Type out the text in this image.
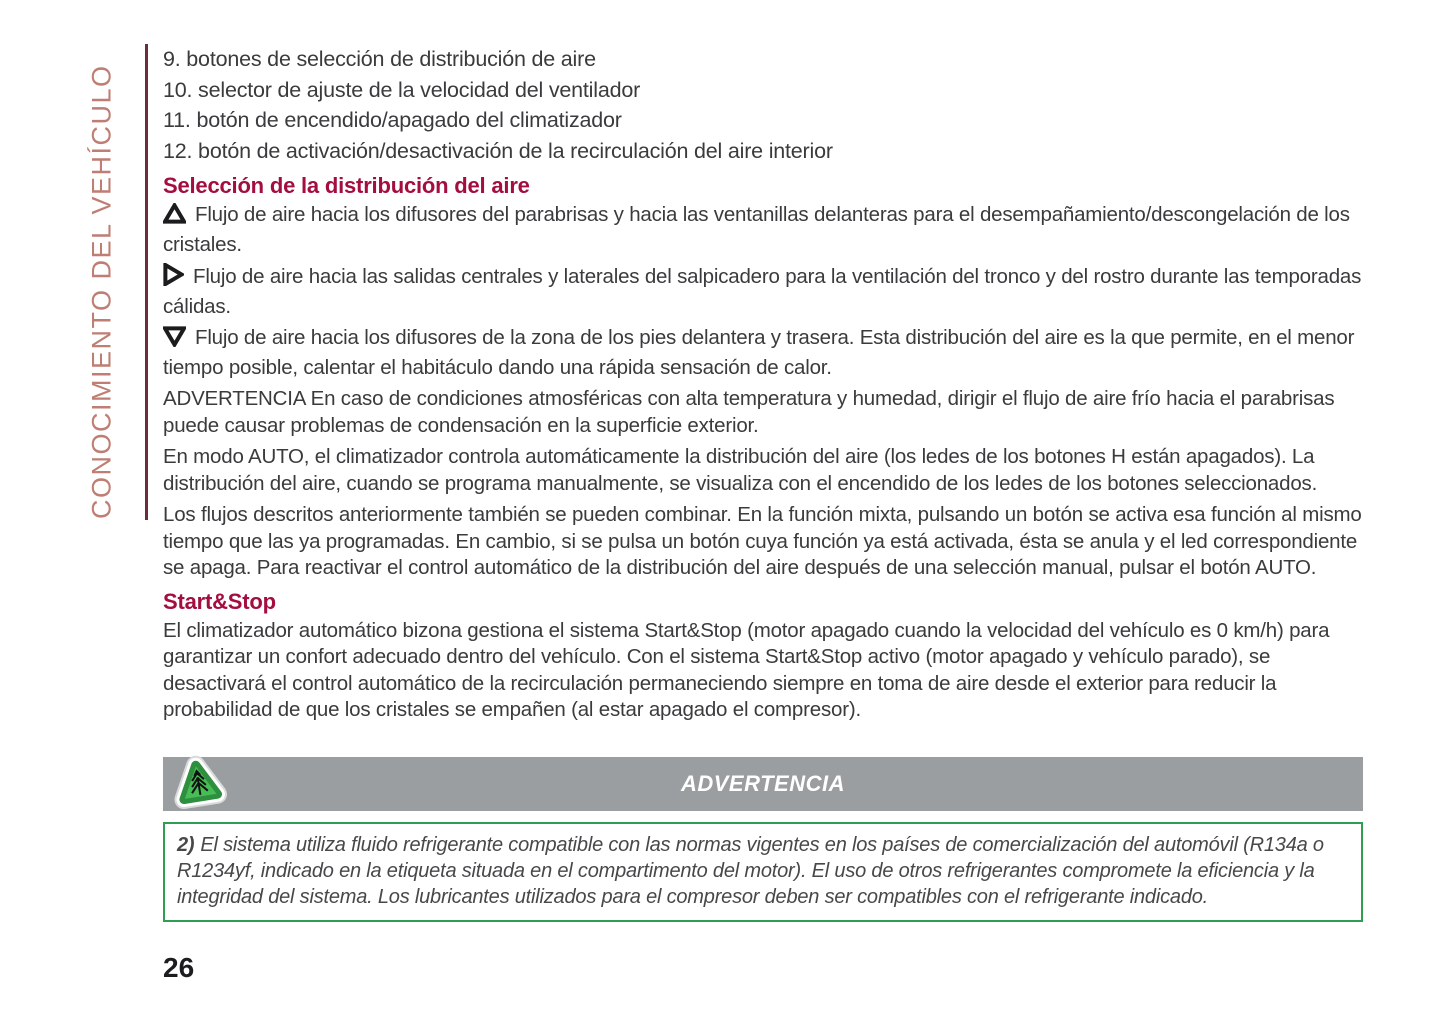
CONOCIMIENTO DEL VEHÍCULO
9. botones de selección de distribución de aire
10. selector de ajuste de la velocidad del ventilador
11. botón de encendido/apagado del climatizador
12. botón de activación/desactivación de la recirculación del aire interior
Selección de la distribución del aire

Flujo de aire hacia los difusores del parabrisas y hacia las ventanillas delanteras para el desempañamiento/descongelación de los cristales.

Flujo de aire hacia las salidas centrales y laterales del salpicadero para la ventilación del tronco y del rostro durante las temporadas cálidas.

Flujo de aire hacia los difusores de la zona de los pies delantera y trasera. Esta distribución del aire es la que permite, en el menor tiempo posible, calentar el habitáculo dando una rápida sensación de calor.

ADVERTENCIA En caso de condiciones atmosféricas con alta temperatura y humedad, dirigir el flujo de aire frío hacia el parabrisas puede causar problemas de condensación en la superficie exterior.

En modo AUTO, el climatizador controla automáticamente la distribución del aire (los ledes de los botones H están apagados). La distribución del aire, cuando se programa manualmente, se visualiza con el encendido de los ledes de los botones seleccionados.

Los flujos descritos anteriormente también se pueden combinar. En la función mixta, pulsando un botón se activa esa función al mismo tiempo que las ya programadas. En cambio, si se pulsa un botón cuya función ya está activada, ésta se anula y el led correspondiente se apaga. Para reactivar el control automático de la distribución del aire después de una selección manual, pulsar el botón AUTO.

Start&Stop

El climatizador automático bizona gestiona el sistema Start&Stop (motor apagado cuando la velocidad del vehículo es 0 km/h) para garantizar un confort adecuado dentro del vehículo. Con el sistema Start&Stop activo (motor apagado y vehículo parado), se desactivará el control automático de la recirculación permaneciendo siempre en toma de aire desde el exterior para reducir la probabilidad de que los cristales se empañen (al estar apagado el compresor).

ADVERTENCIA
2) El sistema utiliza fluido refrigerante compatible con las normas vigentes en los países de comercialización del automóvil (R134a o R1234yf, indicado en la etiqueta situada en el compartimento del motor). El uso de otros refrigerantes compromete la eficiencia y la integridad del sistema. Los lubricantes utilizados para el compresor deben ser compatibles con el refrigerante indicado.
26
